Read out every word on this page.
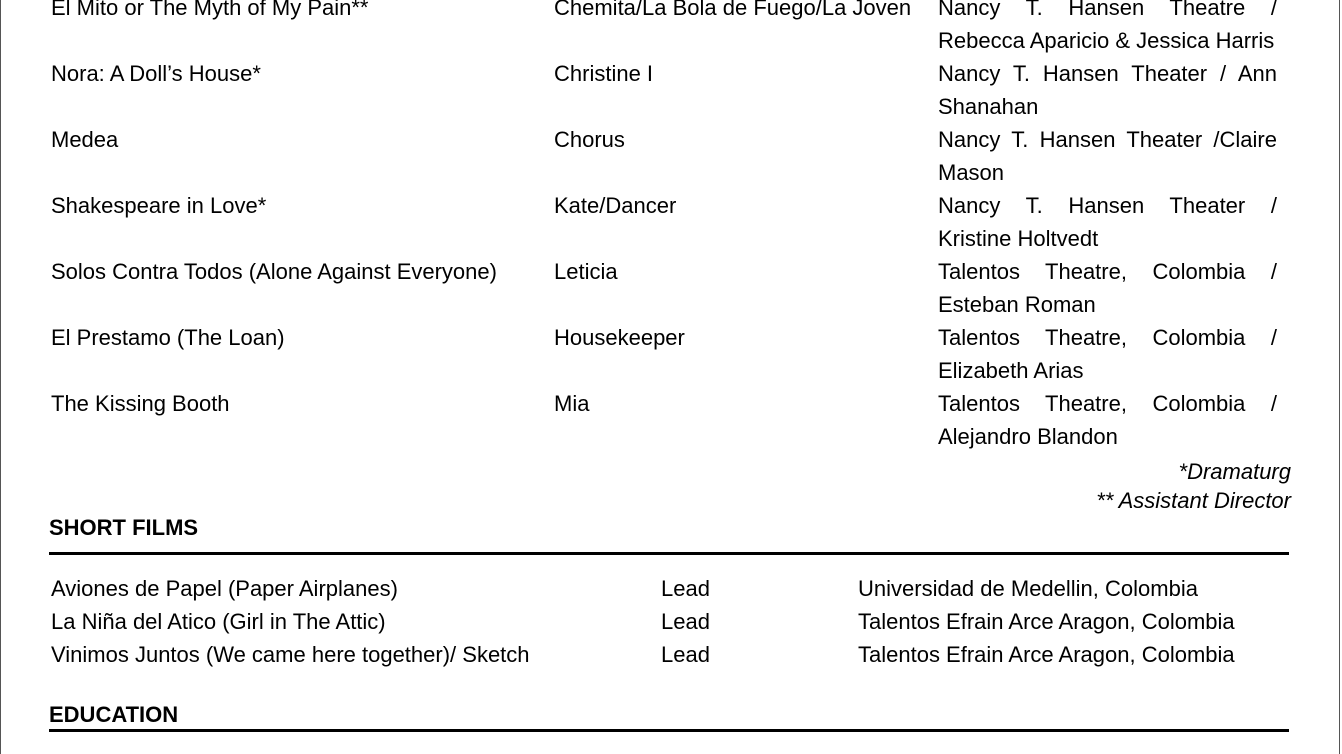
El Mito or The Myth of My Pain**	Chemita/La Bola de Fuego/La Joven	Nancy T. Hansen Theatre / Rebecca Aparicio & Jessica Harris
Nora: A Doll’s House*	Christine I	Nancy T. Hansen Theater / Ann Shanahan
Medea	Chorus	Nancy T. Hansen Theater /Claire Mason
Shakespeare in Love*	Kate/Dancer	Nancy T. Hansen Theater / Kristine Holtvedt
Solos Contra Todos (Alone Against Everyone)	Leticia	Talentos Theatre, Colombia / Esteban Roman
El Prestamo (The Loan)	Housekeeper	Talentos Theatre, Colombia / Elizabeth Arias
The Kissing Booth	Mia	Talentos Theatre, Colombia / Alejandro Blandon
*Dramaturg
** Assistant Director
SHORT FILMS
Aviones de Papel (Paper Airplanes)	Lead	Universidad de Medellin, Colombia
La Niña del Atico (Girl in The Attic)	Lead	Talentos Efrain Arce Aragon, Colombia
Vinimos Juntos (We came here together)/ Sketch	Lead	Talentos Efrain Arce Aragon, Colombia
EDUCATION
